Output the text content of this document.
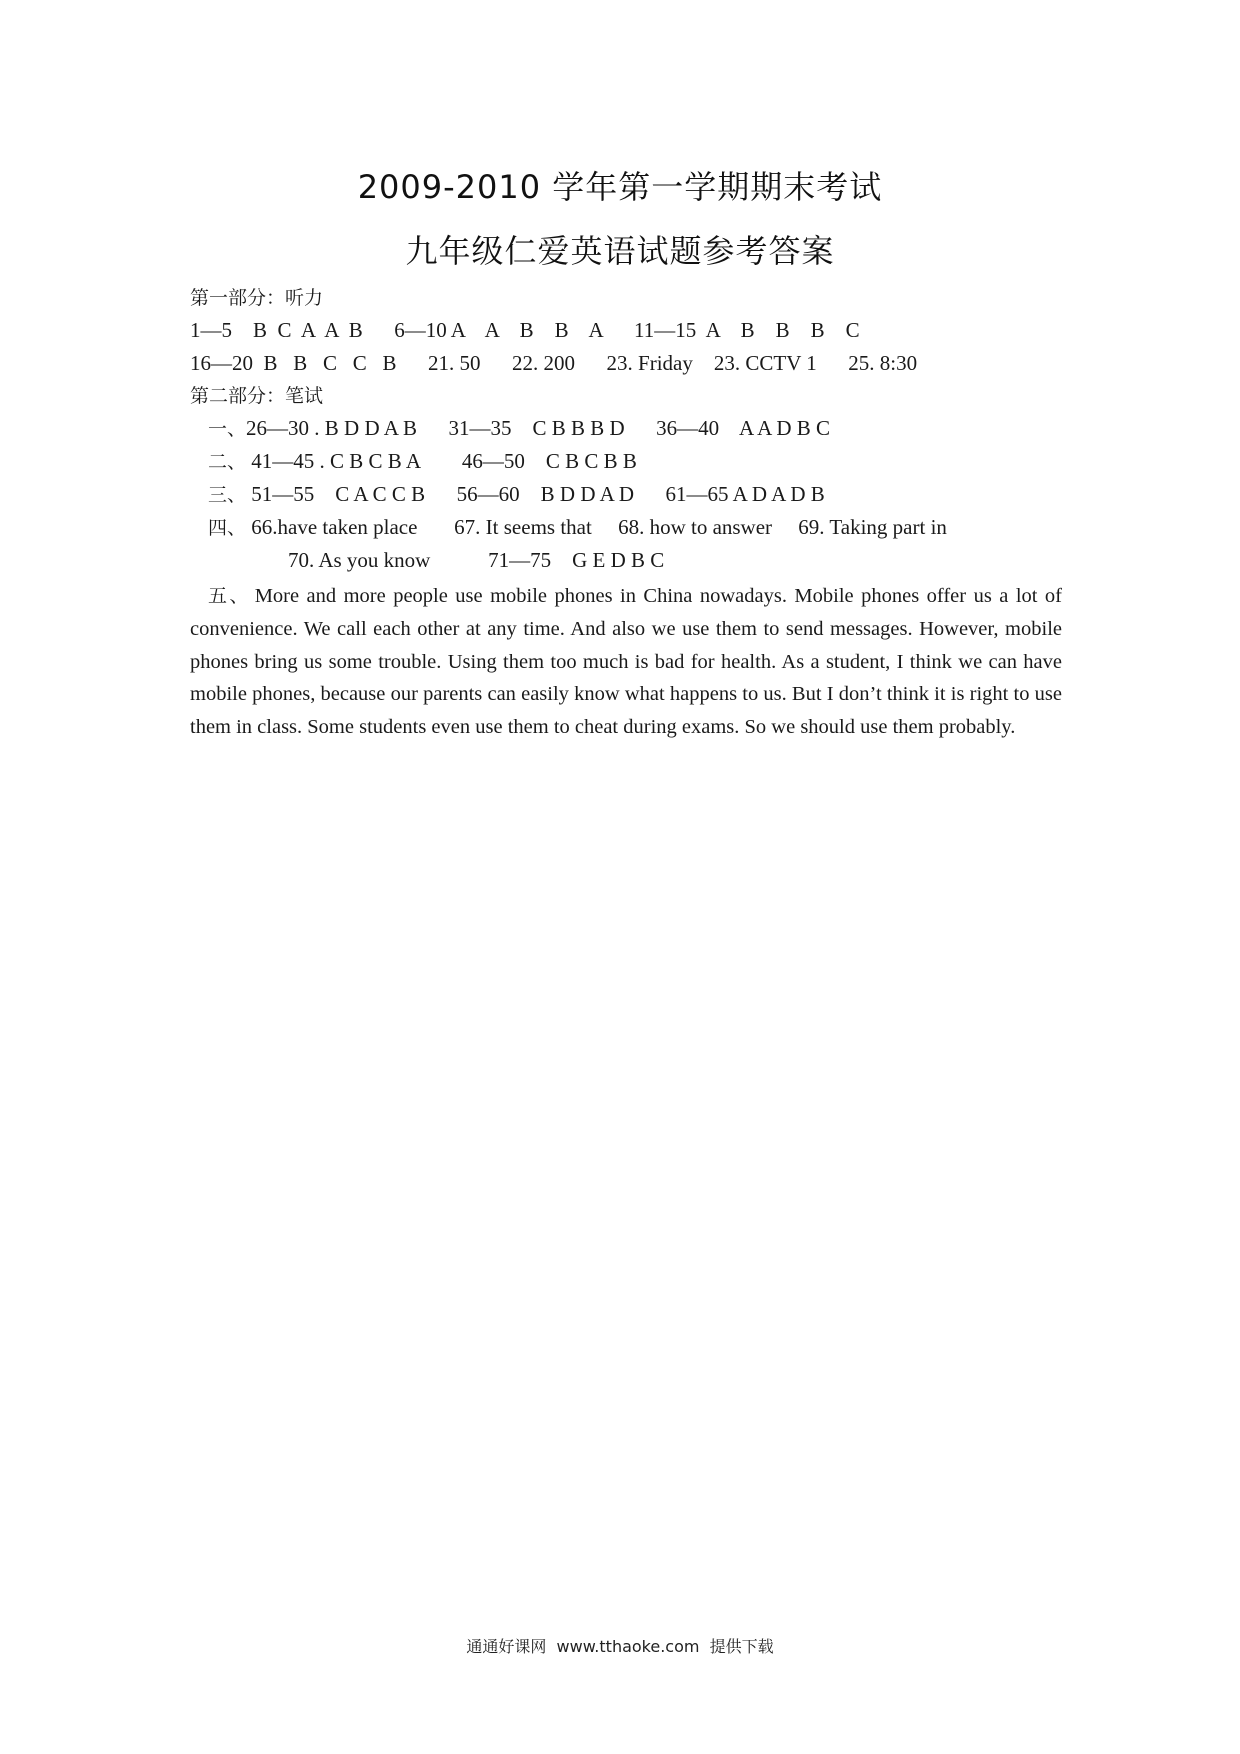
2009-2010 学年第一学期期末考试
九年级仁爱英语试题参考答案
第一部分：听力
1—5    B  C  A  A  B      6—10 A    A    B    B    A      11—15  A    B    B    B    C
16—20  B   B   C   C   B      21. 50      22. 200      23. Friday    23. CCTV 1      25. 8:30
第二部分：笔试
一、26—30 . B D D A B      31—35    C B B B D      36—40    A A D B C
二、 41—45 . C B C B A        46—50    C B C B B
三、 51—55    C A C C B      56—60    B D D A D      61—65 A D A D B
四、 66.have taken place       67. It seems that     68. how to answer     69. Taking part in
70. As you know           71—75    G E D B C
五、 More and more people use mobile phones in China nowadays. Mobile phones offer us a lot of convenience. We call each other at any time. And also we use them to send messages. However, mobile phones bring us some trouble. Using them too much is bad for health. As a student, I think we can have mobile phones, because our parents can easily know what happens to us. But I don’t think it is right to use them in class. Some students even use them to cheat during exams. So we should use them probably.
通通好课网  www.tthaoke.com  提供下载
